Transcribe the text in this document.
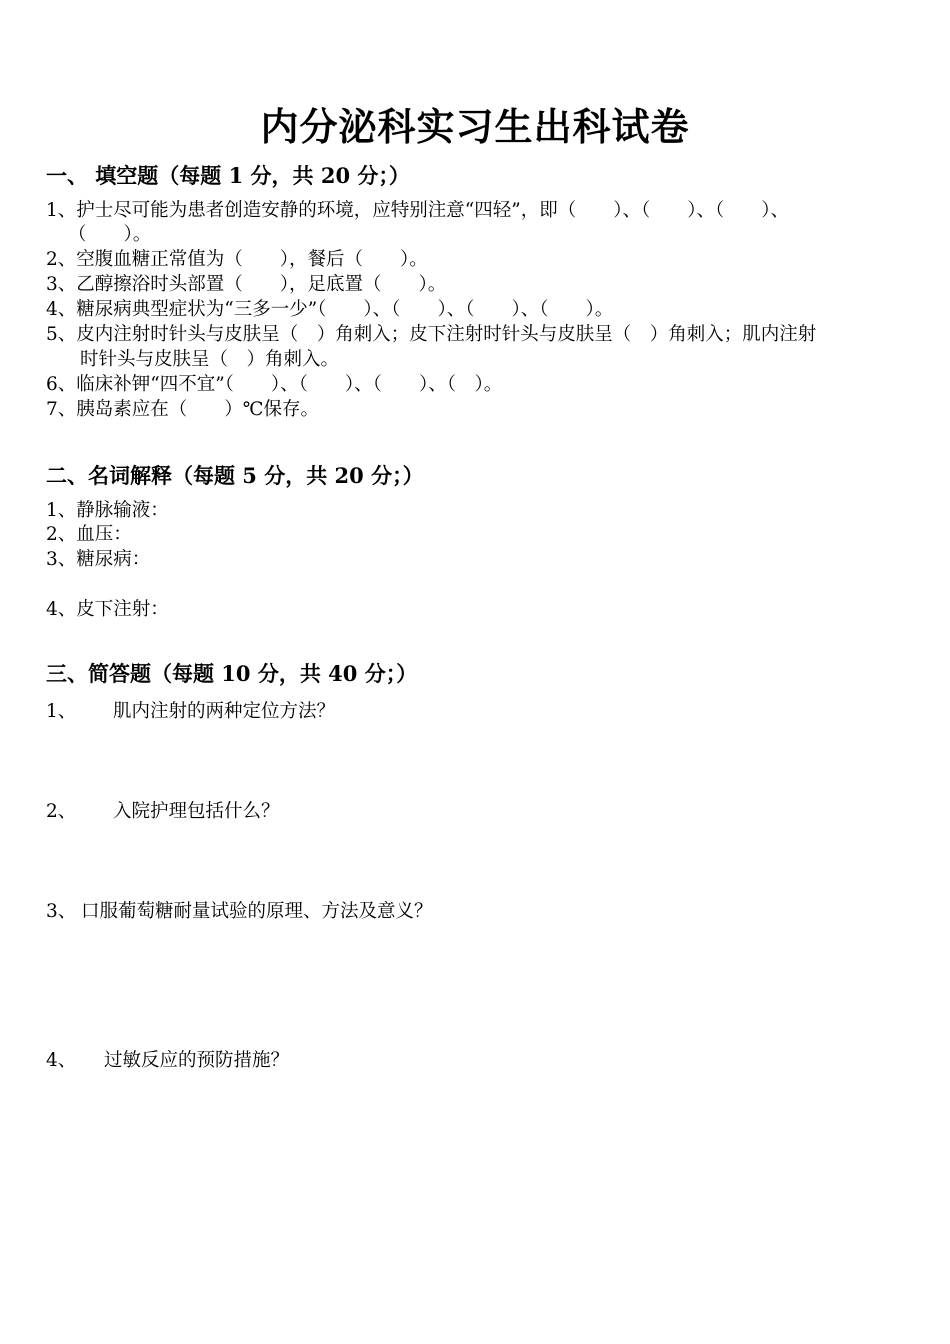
内分泌科实习生出科试卷
一、 填空题（每题 1 分，共 20 分；）
1、护士尽可能为患者创造安静的环境，应特别注意“四轻”，即（　　）、（　　）、（　　）、
（　　）。
2、空腹血糖正常值为（　　），餐后（　　）。
3、乙醇擦浴时头部置（　　），足底置（　　）。
4、糖尿病典型症状为“三多一少”（　　）、（　　）、（　　）、（　　）。
5、皮内注射时针头与皮肤呈（　）角刺入；皮下注射时针头与皮肤呈（　）角刺入；肌内注射
时针头与皮肤呈（　）角刺入。
6、临床补钾“四不宜”（　　）、（　　）、（　　）、（　）。
7、胰岛素应在（　　）℃保存。
二、名词解释（每题 5 分，共 20 分；）
1、静脉输液：
2、血压：
3、糖尿病：
4、皮下注射：
三、简答题（每题 10 分，共 40 分；）
1、 肌内注射的两种定位方法？
2、 入院护理包括什么？
3、 口服葡萄糖耐量试验的原理、方法及意义？
4、 过敏反应的预防措施？
